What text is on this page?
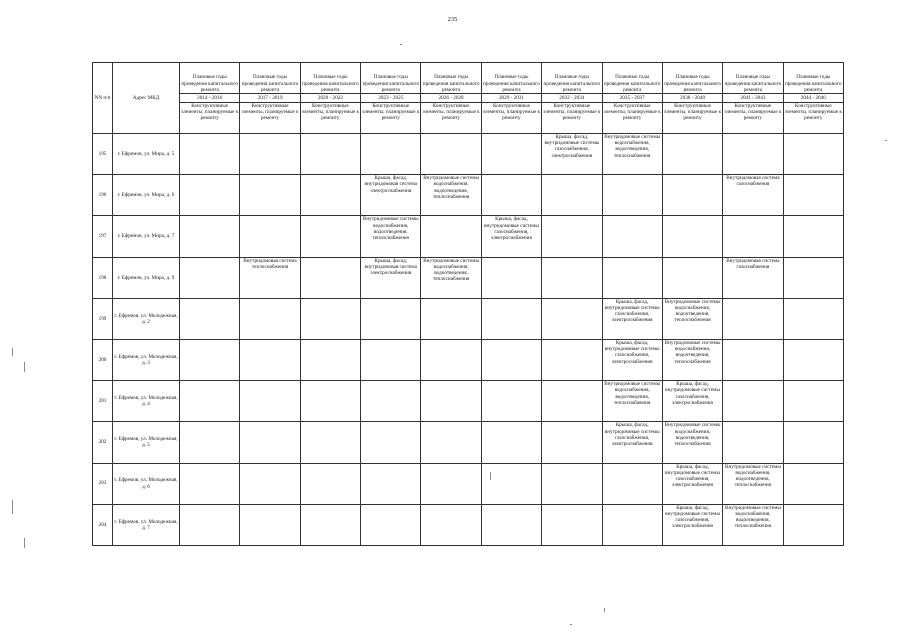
235
NN п/п	Адрес МКД	Плановые годы проведения капитального ремонта	Плановые годы проведения капитального ремонта	Плановые годы проведения капитального ремонта	Плановые годы проведения капитального ремонта	Плановые годы проведения капитального ремонта	Плановые годы проведения капитального ремонта	Плановые годы проведения капитального ремонта	Плановые годы проведения капитального ремонта	Плановые годы проведения капитального ремонта	Плановые годы проведения капитального ремонта	Плановые годы проведения капитального ремонта
		2014 - 2016	2017 - 2019	2020 - 2022	2023 - 2025	2026 - 2028	2029 - 2031	2032 - 2034	2035 - 2037	2038 - 2040	2041 - 2043	2044 - 2046
		Конструктивные элементы, планируемые к ремонту	Конструктивные элементы, планируемые к ремонту	Конструктивные элементы, планируемые к ремонту	Конструктивные элементы, планируемые к ремонту	Конструктивные элементы, планируемые к ремонту	Конструктивные элементы, планируемые к ремонту	Конструктивные элементы, планируемые к ремонту	Конструктивные элементы, планируемые к ремонту	Конструктивные элементы, планируемые к ремонту	Конструктивные элементы, планируемые к ремонту	Конструктивные элементы, планируемые к ремонту
195	г. Ефремов, ул. Мира, д. 5							Крыша, фасад, внутридомовые системы газоснабжения, электроснабжения	Внутридомовые системы водоснабжения, водоотведения, теплоснабжения			
196	г. Ефремов, ул. Мира, д. 6				Крыша, фасад, внутридомовая система электроснабжения	Внутридомовые системы водоснабжения, водоотведения, теплоснабжения					Внутридомовая система газоснабжения	
197	г. Ефремов, ул. Мира, д. 7				Внутридомовые системы водоснабжения, водоотведения, теплоснабжения		Крыша, фасад, внутридомовые системы газоснабжения, электроснабжения					
198	г. Ефремов, ул. Мира, д. 9		Внутридомовая система теплоснабжения		Крыша, фасад, внутридомовая система электроснабжения	Внутридомовые системы водоснабжения, водоотведения, теплоснабжения					Внутридомовая система газоснабжения	
199	г. Ефремов, ул. Молодежная, д. 2								Крыша, фасад, внутридомовые системы газоснабжения, электроснабжения	Внутридомовые системы водоснабжения, водоотведения, теплоснабжения		
200	г. Ефремов, ул. Молодежная, д. 3								Крыша, фасад, внутридомовые системы газоснабжения, электроснабжения	Внутридомовые системы водоснабжения, водоотведения, теплоснабжения		
201	г. Ефремов, ул. Молодежная, д. 4								Внутридомовые системы водоснабжения, водоотведения, теплоснабжения	Крыша, фасад, внутридомовые системы газоснабжения, электроснабжения		
202	г. Ефремов, ул. Молодежная, д. 5								Крыша, фасад, внутридомовые системы газоснабжения, электроснабжения	Внутридомовые системы водоснабжения, водоотведения, теплоснабжения		
203	г. Ефремов, ул. Молодежная, д. 6									Крыша, фасад, внутридомовые системы газоснабжения, электроснабжения	Внутридомовые системы водоснабжения, водоотведения, теплоснабжения	
204	г. Ефремов, ул. Молодежная, д. 7									Крыша, фасад, внутридомовые системы газоснабжения, электроснабжения	Внутридомовые системы водоснабжения, водоотведения, теплоснабжения	
